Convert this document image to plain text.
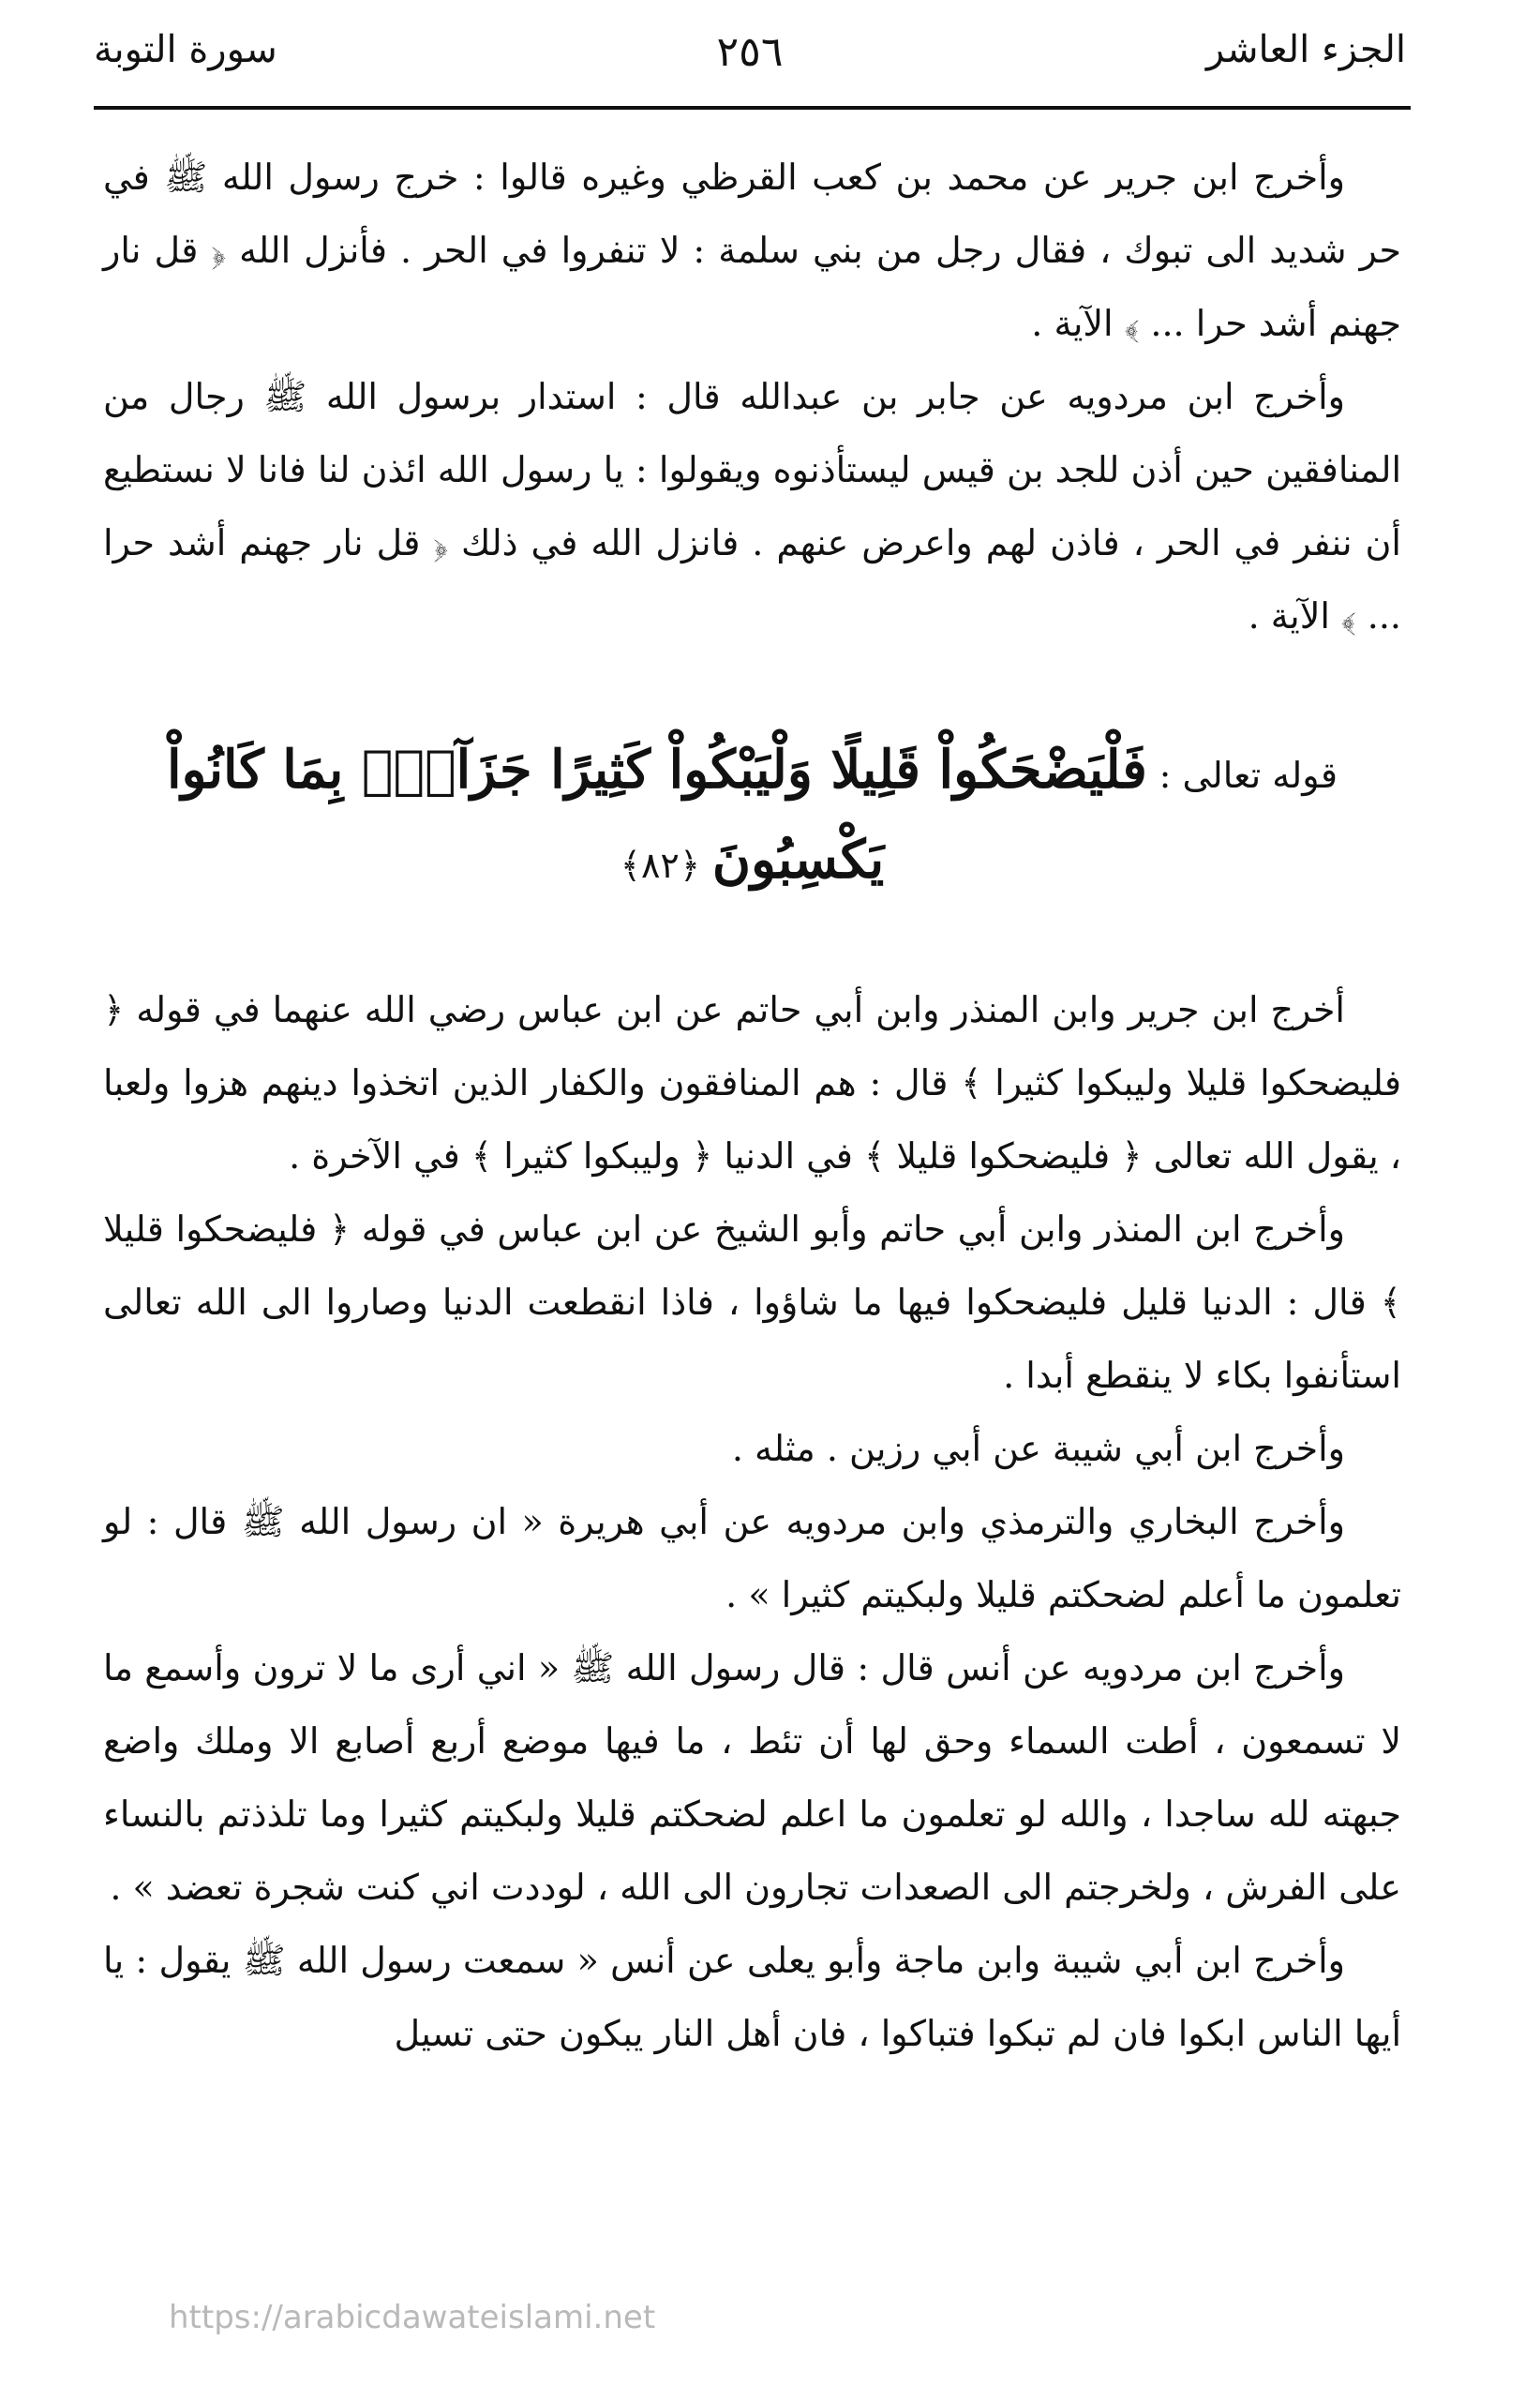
الجزء العاشر
٢٥٦
سورة التوبة

وأخرج ابن جرير عن محمد بن كعب القرظي وغيره قالوا : خرج رسول الله ﷺ في حر شديد الى تبوك ، فقال رجل من بني سلمة : لا تنفروا في الحر . فأنزل الله ﴿ قل نار جهنم أشد حرا ... ﴾ الآية .

وأخرج ابن مردويه عن جابر بن عبدالله قال : استدار برسول الله ﷺ رجال من المنافقين حين أذن للجد بن قيس ليستأذنوه ويقولوا : يا رسول الله ائذن لنا فانا لا نستطيع أن ننفر في الحر ، فاذن لهم واعرض عنهم . فانزل الله في ذلك ﴿ قل نار جهنم أشد حرا ... ﴾ الآية .

قوله تعالى : فَلْيَضْحَكُواْ قَلِيلًا وَلْيَبْكُواْ كَثِيرًا جَزَآءَۢ بِمَا كَانُواْ يَكْسِبُونَ ﴿٨٢﴾

أخرج ابن جرير وابن المنذر وابن أبي حاتم عن ابن عباس رضي الله عنهما في قوله ﴿ فليضحكوا قليلا وليبكوا كثيرا ﴾ قال : هم المنافقون والكفار الذين اتخذوا دينهم هزوا ولعبا ، يقول الله تعالى ﴿ فليضحكوا قليلا ﴾ في الدنيا ﴿ وليبكوا كثيرا ﴾ في الآخرة .

وأخرج ابن المنذر وابن أبي حاتم وأبو الشيخ عن ابن عباس في قوله ﴿ فليضحكوا قليلا ﴾ قال : الدنيا قليل فليضحكوا فيها ما شاؤوا ، فاذا انقطعت الدنيا وصاروا الى الله تعالى استأنفوا بكاء لا ينقطع أبدا .

وأخرج ابن أبي شيبة عن أبي رزين . مثله .

وأخرج البخاري والترمذي وابن مردويه عن أبي هريرة « ان رسول الله ﷺ قال : لو تعلمون ما أعلم لضحكتم قليلا ولبكيتم كثيرا » .

وأخرج ابن مردويه عن أنس قال : قال رسول الله ﷺ « اني أرى ما لا ترون وأسمع ما لا تسمعون ، أطت السماء وحق لها أن تئط ، ما فيها موضع أربع أصابع الا وملك واضع جبهته لله ساجدا ، والله لو تعلمون ما اعلم لضحكتم قليلا ولبكيتم كثيرا وما تلذذتم بالنساء على الفرش ، ولخرجتم الى الصعدات تجارون الى الله ، لوددت اني كنت شجرة تعضد » .

وأخرج ابن أبي شيبة وابن ماجة وأبو يعلى عن أنس « سمعت رسول الله ﷺ يقول : يا أيها الناس ابكوا فان لم تبكوا فتباكوا ، فان أهل النار يبكون حتى تسيل

https://arabicdawateislami.net
